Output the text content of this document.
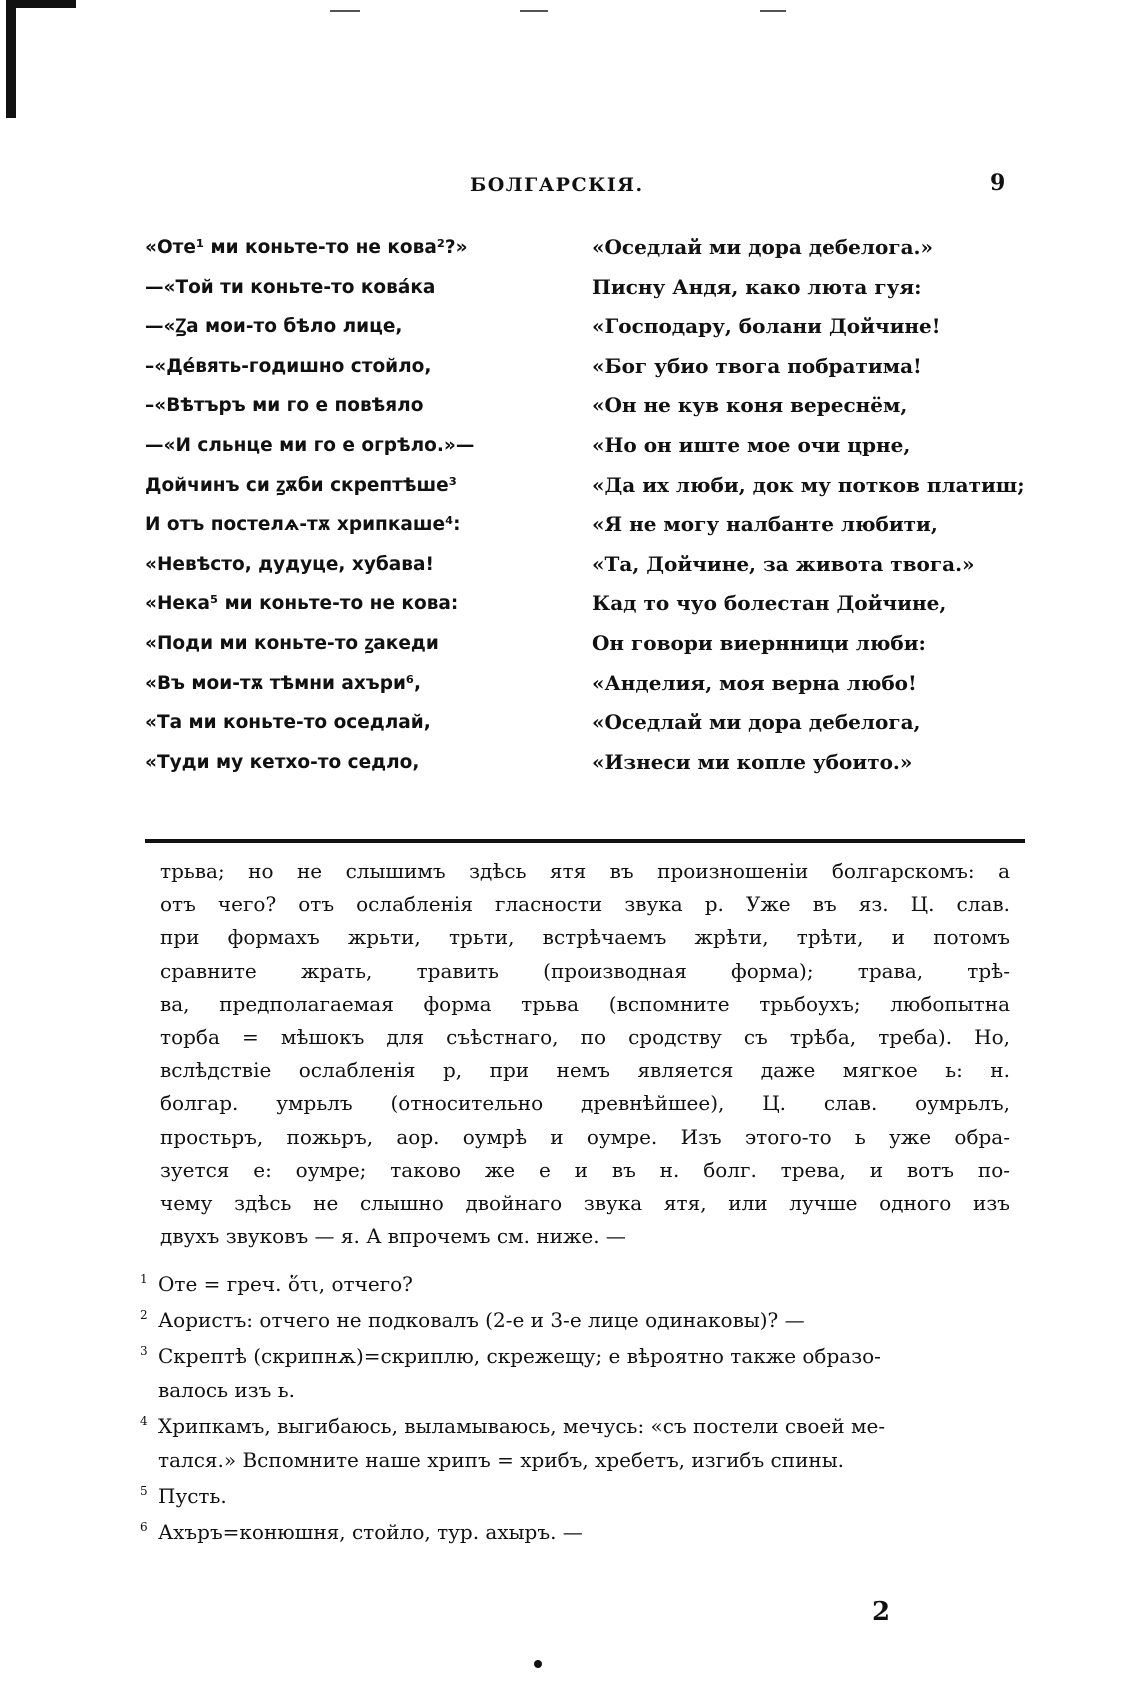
БОЛГАРСКIЯ.	9
«Оте¹ ми коньте-то не кова²?»
—«Той ти коньте-то ковáка
—«Ꙁа мои-то бѣло лице,
–«Дéвять-годишно стойло,
–«Вѣтъръ ми го е повѣяло
—«И сльнце ми го е огрѣло.»—
Дойчинъ си ꙁѫби скрептѣше³
И отъ постелѧ-тѫ хрипкаше⁴:
«Невѣсто, дудуце, хубава!
«Нека⁵ ми коньте-то не кова:
«Поди ми коньте-то ꙁакеди
«Въ мои-тѫ тѣмни ахъри⁶,
«Та ми коньте-то оседлай,
«Туди му кетхо-то седло,
«Оседлай ми дора дебелога.»
Писну Андя, како люта гуя:
«Господару, болани Дойчине!
«Бог убио твога побратима!
«Он не кув коня вереснём,
«Но он иште мое очи црне,
«Да их люби, док му потков платиш;
«Я не могу налбанте любити,
«Та, Дойчине, за живота твога.»
Кад то чуо болестан Дойчине,
Он говори виернници люби:
«Анделия, моя верна любо!
«Оседлай ми дора дебелога,
«Изнеси ми копле убоито.»
трьва; но не слышимъ здѣсь ятя въ произношенiи болгарскомъ: а
отъ чего? отъ ослабленiя гласности звука р. Уже въ яз. Ц. слав.
при формахъ жрьти, трьти, встрѣчаемъ жрѣти, трѣти, и потомъ
сравните жрать, травить (производная форма); трава, трѣ-
ва, предполагаемая форма трьва (вспомните трьбоухъ; любопытна
торба = мѣшокъ для съѣстнаго, по сродству съ трѣба, треба). Но,
вслѣдствiе ослабленiя р, при немъ является даже мягкое ь: н.
болгар. умрьлъ (относительно древнѣйшее), Ц. слав. оумрьлъ,
простьръ, пожьръ, аор. оумрѣ и оумре. Изъ этого-то ь уже обра-
зуется е: оумре; таково же е и въ н. болг. трева, и вотъ по-
чему здѣсь не слышно двойнаго звука ятя, или лучше одного изъ
двухъ звуковъ — я. А впрочемъ см. ниже. —
1 Оте = греч. ὅτι, отчего?
2 Аористъ: отчего не подковалъ (2-е и 3-е лице одинаковы)? —
3 Скрептѣ (скрипнѫ)=скриплю, скрежещу; е вѣроятно также образо-
валось изъ ь.
4 Хрипкамъ, выгибаюсь, выламываюсь, мечусь: «съ постели своей ме-
тался.» Вспомните наше хрипъ = хрибъ, хребетъ, изгибъ спины.
5 Пусть.
6 Ахъръ=конюшня, стойло, тур. ахыръ. —
2
